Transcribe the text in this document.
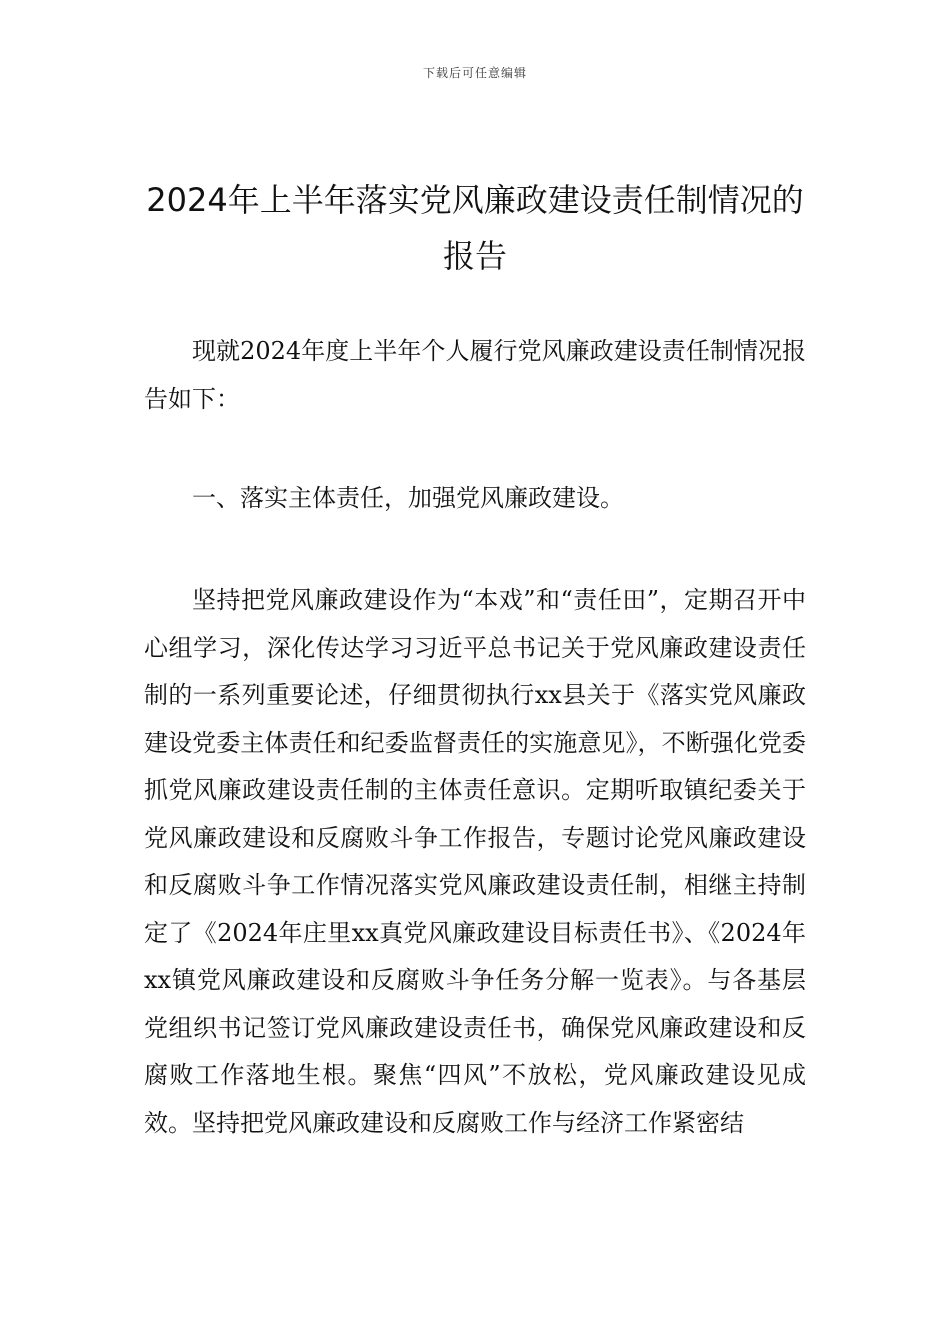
下载后可任意编辑
2024年上半年落实党风廉政建设责任制情况的报告

现就2024年度上半年个人履行党风廉政建设责任制情况报告如下：

一、落实主体责任，加强党风廉政建设。

坚持把党风廉政建设作为“本戏”和“责任田”，定期召开中心组学习，深化传达学习习近平总书记关于党风廉政建设责任制的一系列重要论述，仔细贯彻执行xx县关于《落实党风廉政建设党委主体责任和纪委监督责任的实施意见》，不断强化党委抓党风廉政建设责任制的主体责任意识。定期听取镇纪委关于党风廉政建设和反腐败斗争工作报告，专题讨论党风廉政建设和反腐败斗争工作情况落实党风廉政建设责任制，相继主持制定了《2024年庄里xx真党风廉政建设目标责任书》、《2024年xx镇党风廉政建设和反腐败斗争任务分解一览表》。与各基层党组织书记签订党风廉政建设责任书，确保党风廉政建设和反腐败工作落地生根。聚焦“四风”不放松，党风廉政建设见成效。坚持把党风廉政建设和反腐败工作与经济工作紧密结
